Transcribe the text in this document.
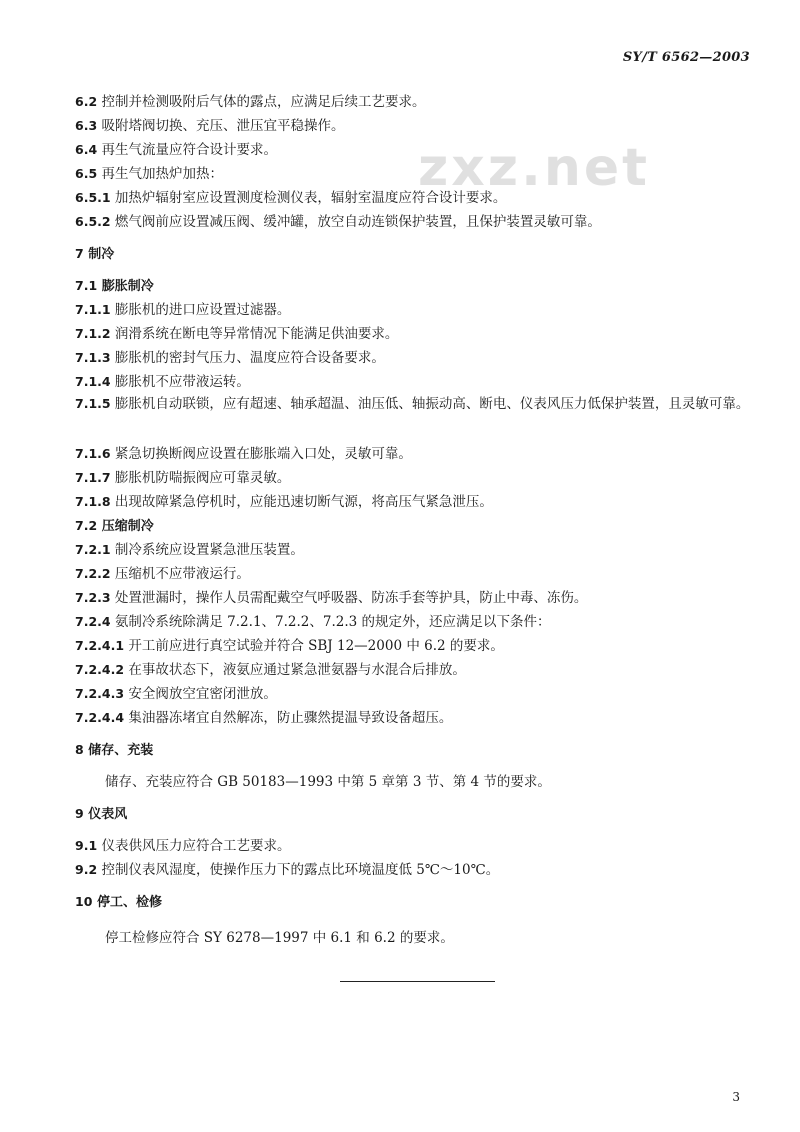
SY/T 6562—2003
zxz.net
6.2 控制并检测吸附后气体的露点，应满足后续工艺要求。
6.3 吸附塔阀切换、充压、泄压宜平稳操作。
6.4 再生气流量应符合设计要求。
6.5 再生气加热炉加热：
6.5.1 加热炉辐射室应设置测度检测仪表，辐射室温度应符合设计要求。
6.5.2 燃气阀前应设置减压阀、缓冲罐，放空自动连锁保护装置，且保护装置灵敏可靠。
7 制冷
7.1 膨胀制冷
7.1.1 膨胀机的进口应设置过滤器。
7.1.2 润滑系统在断电等异常情况下能满足供油要求。
7.1.3 膨胀机的密封气压力、温度应符合设备要求。
7.1.4 膨胀机不应带液运转。
7.1.5 膨胀机自动联锁，应有超速、轴承超温、油压低、轴振动高、断电、仪表风压力低保护装置，且灵敏可靠。
7.1.6 紧急切换断阀应设置在膨胀端入口处，灵敏可靠。
7.1.7 膨胀机防喘振阀应可靠灵敏。
7.1.8 出现故障紧急停机时，应能迅速切断气源，将高压气紧急泄压。
7.2 压缩制冷
7.2.1 制冷系统应设置紧急泄压装置。
7.2.2 压缩机不应带液运行。
7.2.3 处置泄漏时，操作人员需配戴空气呼吸器、防冻手套等护具，防止中毒、冻伤。
7.2.4 氨制冷系统除满足 7.2.1、7.2.2、7.2.3 的规定外，还应满足以下条件：
7.2.4.1 开工前应进行真空试验并符合 SBJ 12—2000 中 6.2 的要求。
7.2.4.2 在事故状态下，液氨应通过紧急泄氨器与水混合后排放。
7.2.4.3 安全阀放空宜密闭泄放。
7.2.4.4 集油器冻堵宜自然解冻，防止骤然提温导致设备超压。
8 储存、充装
储存、充装应符合 GB 50183—1993 中第 5 章第 3 节、第 4 节的要求。
9 仪表风
9.1 仪表供风压力应符合工艺要求。
9.2 控制仪表风湿度，使操作压力下的露点比环境温度低 5℃～10℃。
10 停工、检修
停工检修应符合 SY 6278—1997 中 6.1 和 6.2 的要求。
3
